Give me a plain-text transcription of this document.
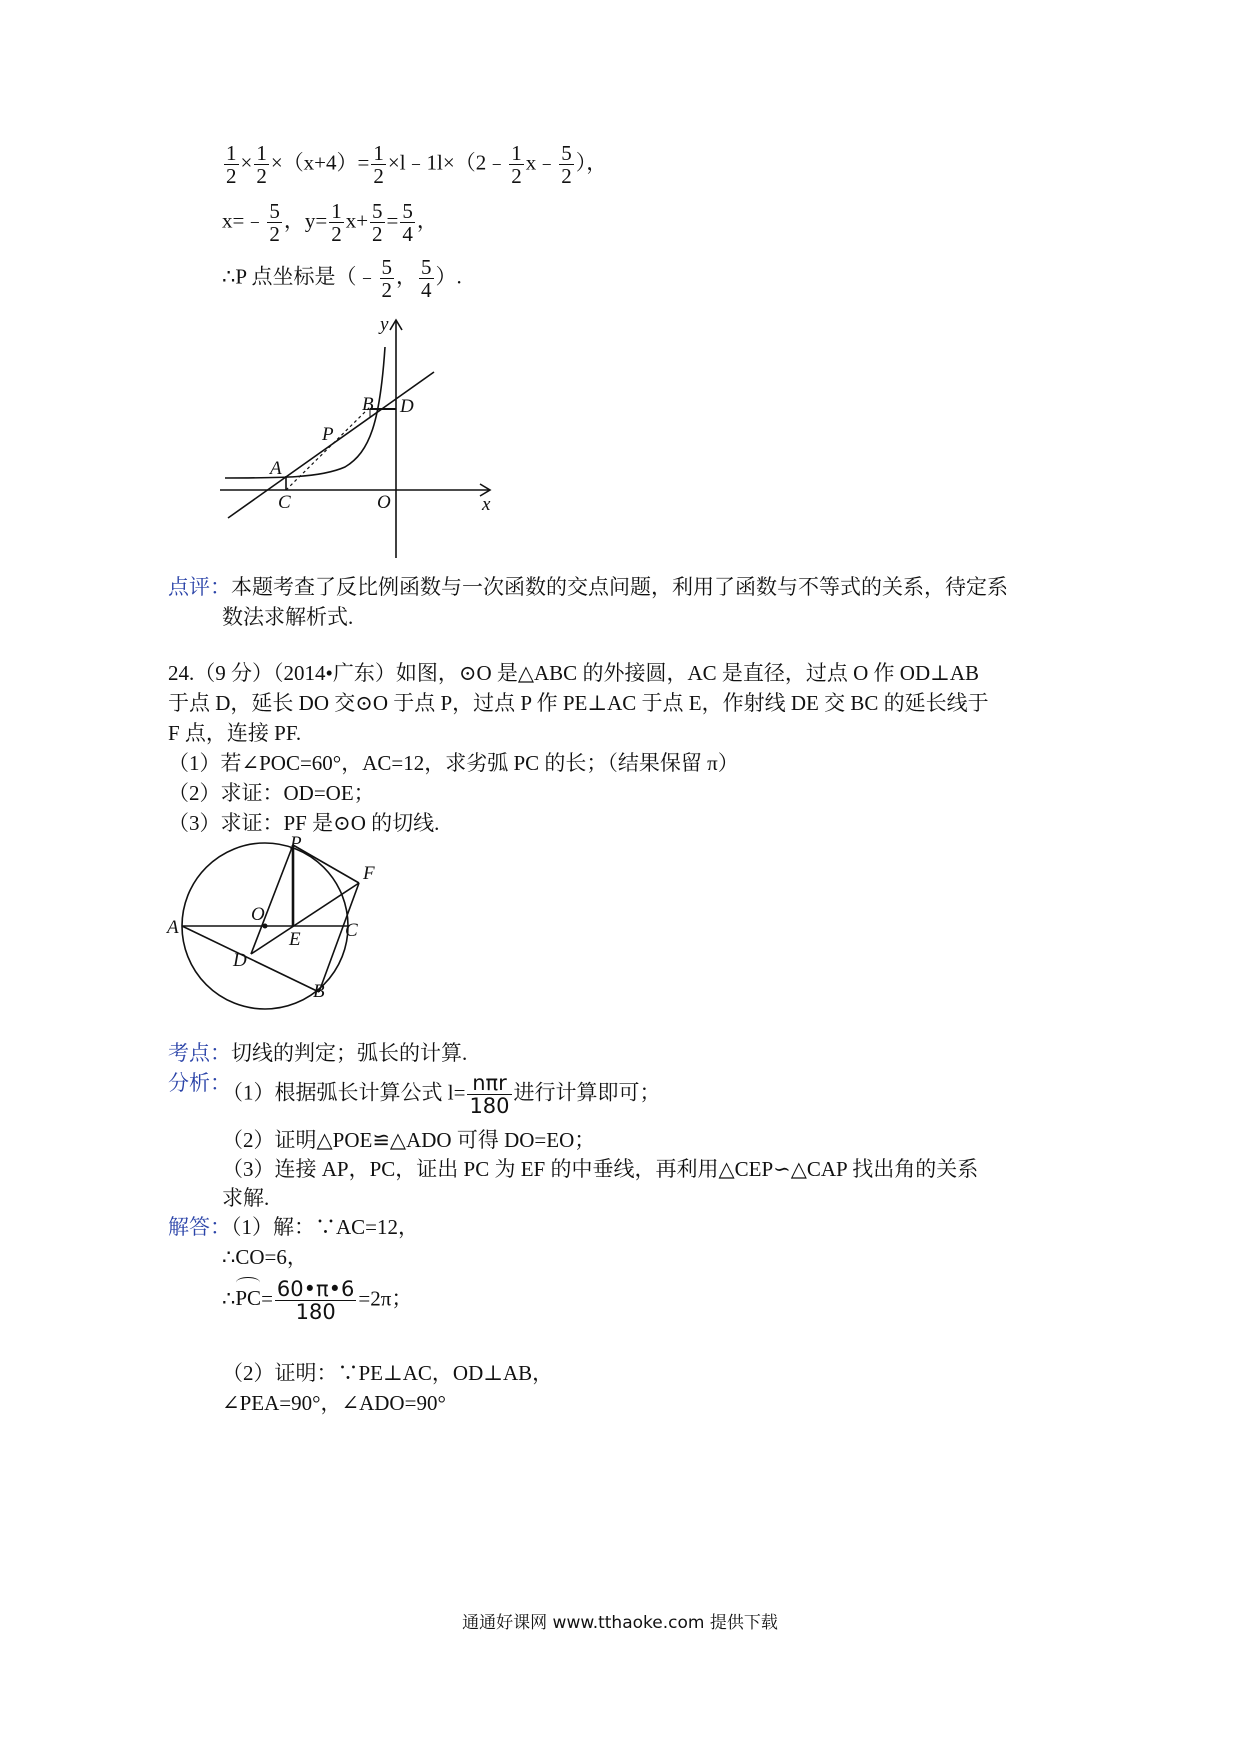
$\frac{1}{2} \times \frac{1}{2} \times(x+4)= \frac{1}{2}$ ×l﹣1l×（2﹣ $\frac{1}{2}$ x﹣ $\frac{5}{2}$ ），
x=﹣ $\frac{5}{2}$ ，$y= \frac{1}{2} x+ \frac{5}{2} = \frac{5}{4}$ ，
∴P 点坐标是（﹣ $\frac{5}{2}$ ， $\frac{5}{4}$ ）.
y
B D
P
A
C	O	x
点评：本题考查了反比例函数与一次函数的交点问题，利用了函数与不等式的关系，待定系
数法求解析式.
24.（9 分）（2014•广东）如图，⊙O 是△ABC 的外接圆，AC 是直径，过点 O 作 OD⊥AB
于点 D，延长 DO 交⊙O 于点 P，过点 P 作 PE⊥AC 于点 E，作射线 DE 交 BC 的延长线于
F 点，连接 PF.
（1）若∠POC=60°，AC=12，求劣弧 PC 的长；（结果保留 π）
（2）求证：OD=OE；
（3）求证：PF 是⊙O 的切线.
P
F
O
A
E C
D
B
考点：切线的判定；弧长的计算.
分析：
（1）根据弧长计算公式 $l= \frac{\text{nπr}}{180}$ 进行计算即可；
（2）证明△POE≌△ADO 可得 DO=EO；
（3）连接 AP，PC，证出 PC 为 EF 的中垂线，再利用△CEP∽△CAP 找出角的关系
求解.
解答：（1）解：∵AC=12，
∴CO=6，
∴PC= $\frac{60•\pi•6}{180} =2\pi$；
（2）证明：∵PE⊥AC，OD⊥AB，
∠PEA=90°，∠ADO=90°
通通好课网 www.tthaoke.com 提供下载
